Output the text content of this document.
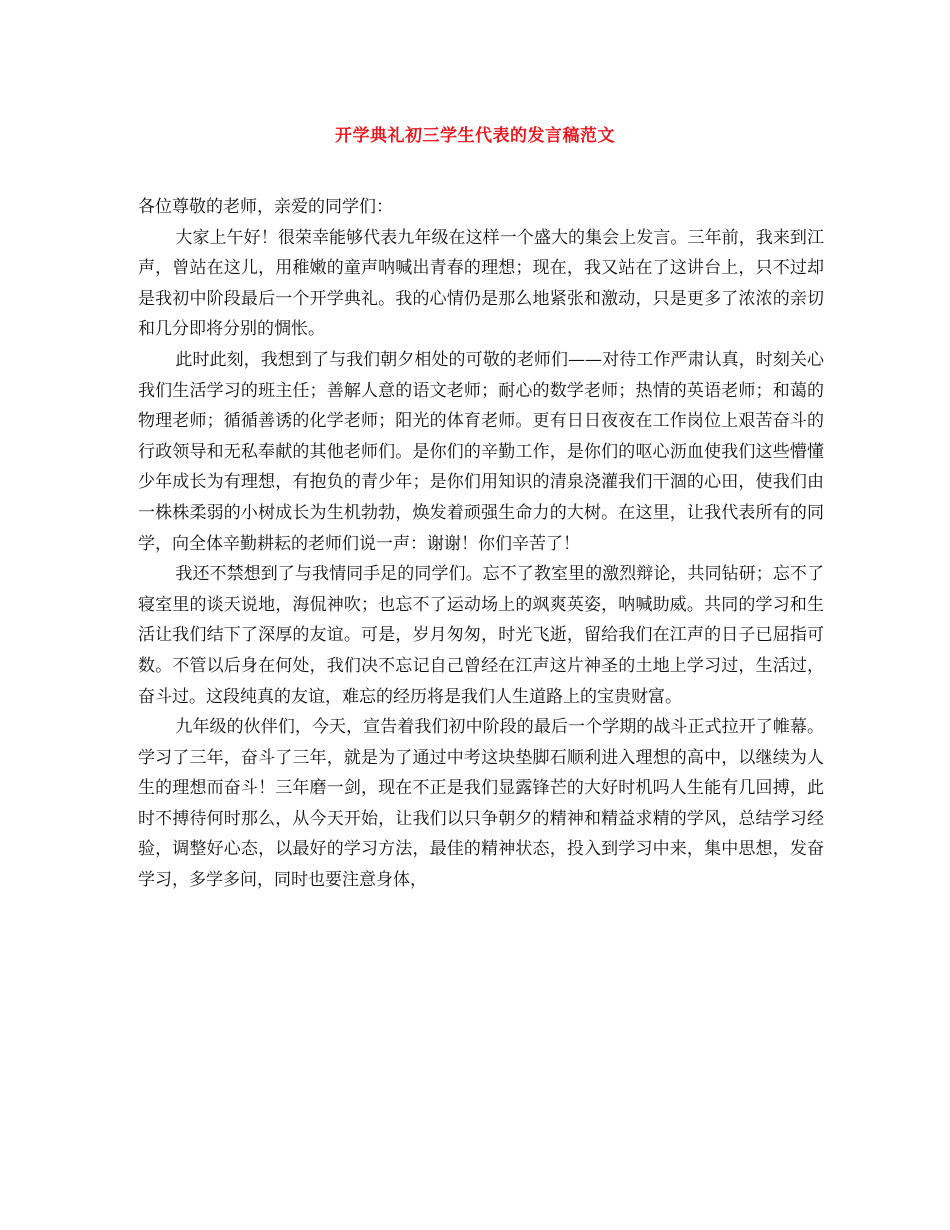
开学典礼初三学生代表的发言稿范文

各位尊敬的老师，亲爱的同学们：

大家上午好！很荣幸能够代表九年级在这样一个盛大的集会上发言。三年前，我来到江声，曾站在这儿，用稚嫩的童声呐喊出青春的理想；现在，我又站在了这讲台上，只不过却是我初中阶段最后一个开学典礼。我的心情仍是那么地紧张和激动，只是更多了浓浓的亲切和几分即将分别的惆怅。

此时此刻，我想到了与我们朝夕相处的可敬的老师们——对待工作严肃认真，时刻关心我们生活学习的班主任；善解人意的语文老师；耐心的数学老师；热情的英语老师；和蔼的物理老师；循循善诱的化学老师；阳光的体育老师。更有日日夜夜在工作岗位上艰苦奋斗的行政领导和无私奉献的其他老师们。是你们的辛勤工作，是你们的呕心沥血使我们这些懵懂少年成长为有理想，有抱负的青少年；是你们用知识的清泉浇灌我们干涸的心田，使我们由一株株柔弱的小树成长为生机勃勃，焕发着顽强生命力的大树。在这里，让我代表所有的同学，向全体辛勤耕耘的老师们说一声：谢谢！你们辛苦了！

我还不禁想到了与我情同手足的同学们。忘不了教室里的激烈辩论，共同钻研；忘不了寝室里的谈天说地，海侃神吹；也忘不了运动场上的飒爽英姿，呐喊助威。共同的学习和生活让我们结下了深厚的友谊。可是，岁月匆匆，时光飞逝，留给我们在江声的日子已屈指可数。不管以后身在何处，我们决不忘记自己曾经在江声这片神圣的土地上学习过，生活过，奋斗过。这段纯真的友谊，难忘的经历将是我们人生道路上的宝贵财富。

九年级的伙伴们，今天，宣告着我们初中阶段的最后一个学期的战斗正式拉开了帷幕。学习了三年，奋斗了三年，就是为了通过中考这块垫脚石顺利进入理想的高中，以继续为人生的理想而奋斗！三年磨一剑，现在不正是我们显露锋芒的大好时机吗人生能有几回搏，此时不搏待何时那么，从今天开始，让我们以只争朝夕的精神和精益求精的学风，总结学习经验，调整好心态，以最好的学习方法，最佳的精神状态，投入到学习中来，集中思想，发奋学习，多学多问，同时也要注意身体，
